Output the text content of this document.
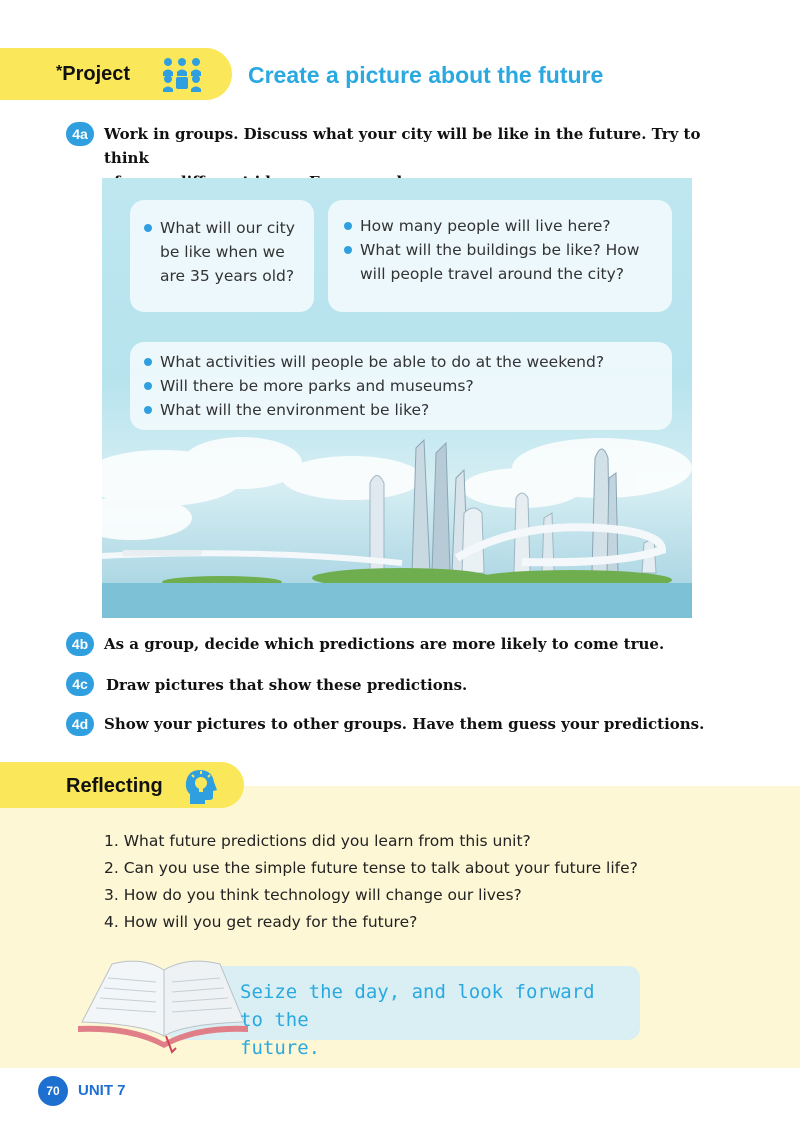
*Project	Create a picture about the future
4a	Work in groups. Discuss what your city will be like in the future. Try to think
What will our city
be like when we
are 35 years old?
How many people will live here?
What will the buildings be like? How
will people travel around the city?
What activities will people be able to do at the weekend?
Will there be more parks and museums?
What will the environment be like?
4b	As a group, decide which predictions are more likely to come true.
4c	Draw pictures that show these predictions.
4d	Show your pictures to other groups. Have them guess your predictions.
Reflecting
1. What future predictions did you learn from this unit?
2. Can you use the simple future tense to talk about your future life?
3. How do you think technology will change our lives?
4. How will you get ready for the future?
Seize the day, and look forward to the
future.
70	UNIT 7
